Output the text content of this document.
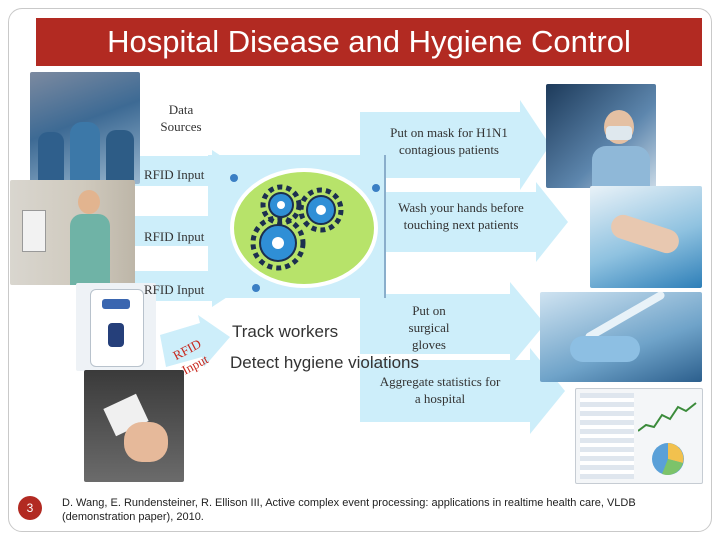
Hospital Disease and Hygiene Control
Data Sources
RFID Input
RFID Input
RFID Input
RFID Input
Track workers
Detect hygiene violations
Put on mask for H1N1 contagious patients
Wash your hands before touching next patients
Put on surgical gloves
Aggregate statistics for a hospital
3	D. Wang, E. Rundensteiner, R. Ellison III, Active complex event processing: applications in realtime health care, VLDB (demonstration paper), 2010.
